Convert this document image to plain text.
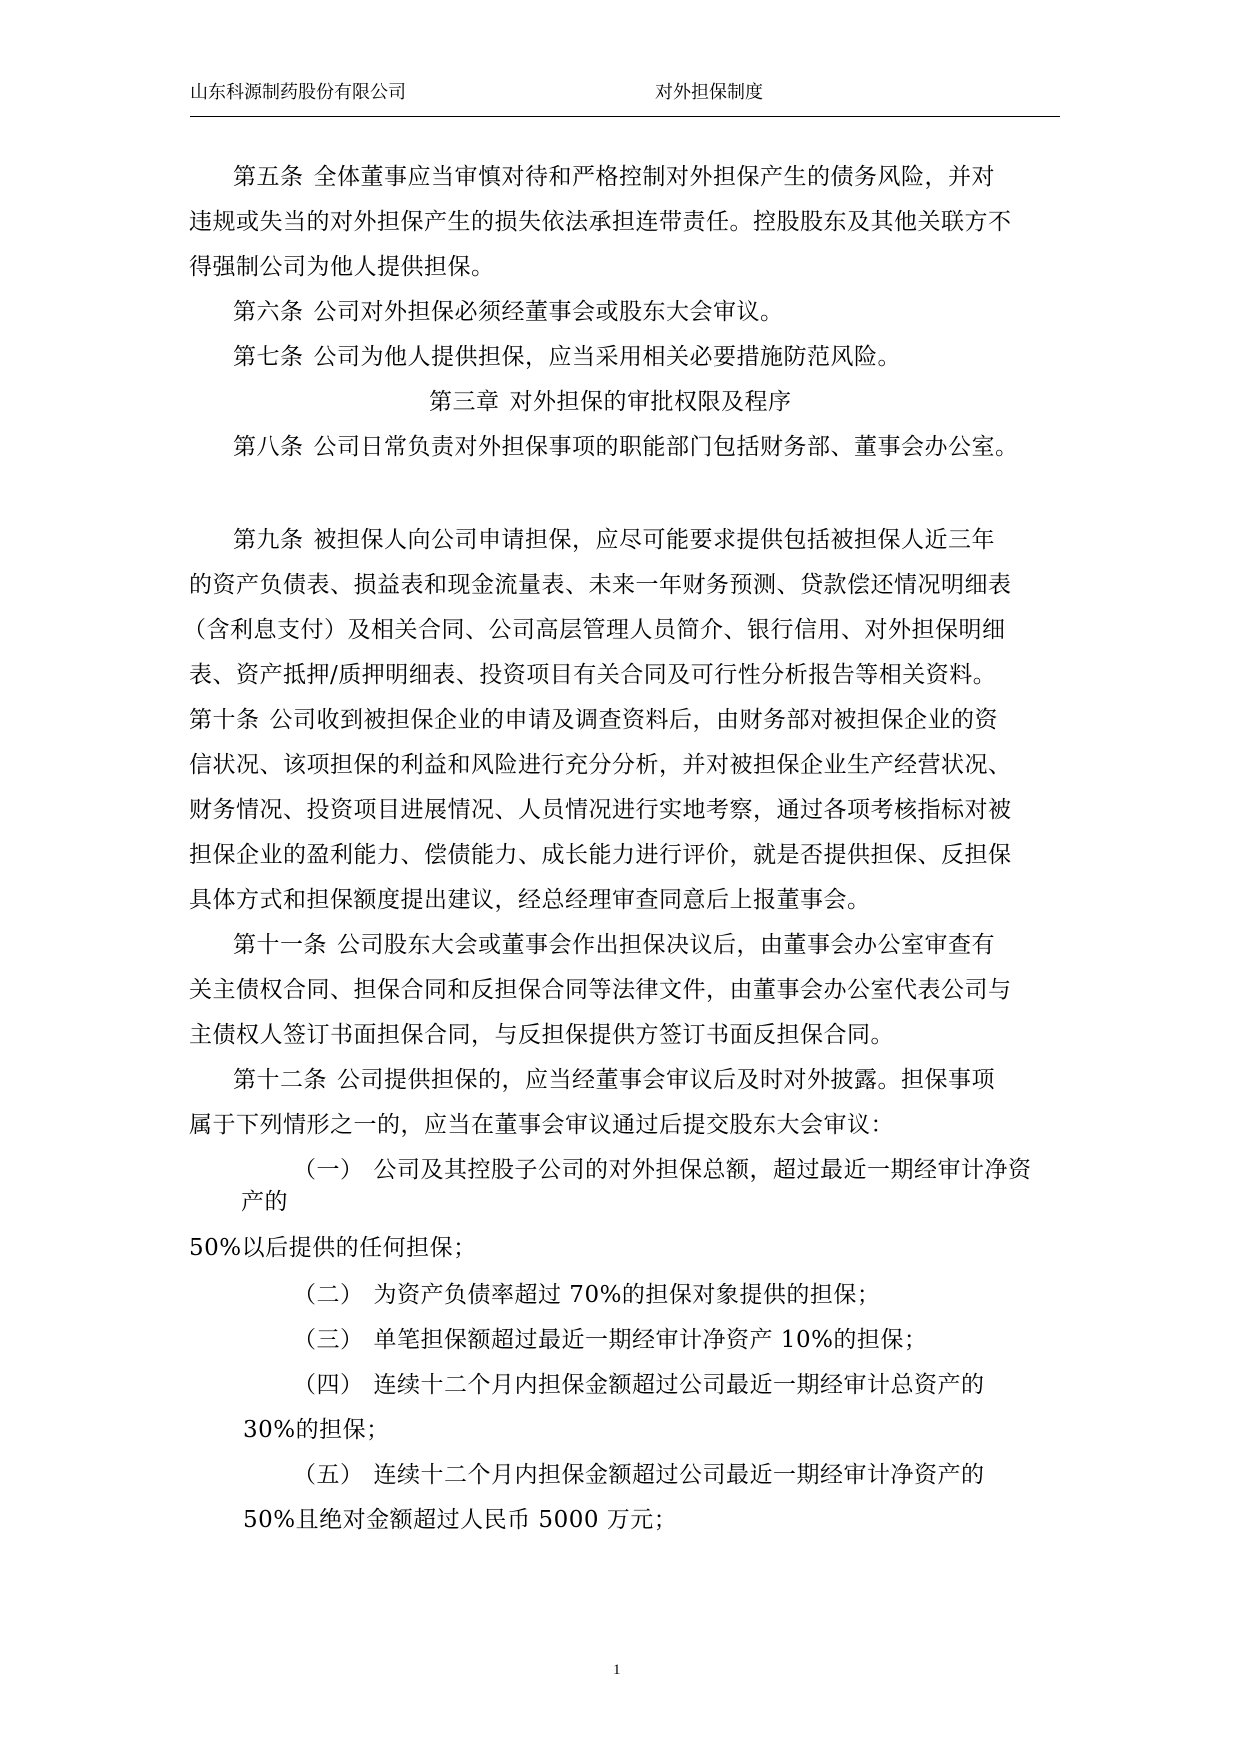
山东科源制药股份有限公司	对外担保制度
第五条 全体董事应当审慎对待和严格控制对外担保产生的债务风险，并对
违规或失当的对外担保产生的损失依法承担连带责任。控股股东及其他关联方不
得强制公司为他人提供担保。
第六条 公司对外担保必须经董事会或股东大会审议。
第七条 公司为他人提供担保，应当采用相关必要措施防范风险。
第三章 对外担保的审批权限及程序
第八条 公司日常负责对外担保事项的职能部门包括财务部、董事会办公室。
第九条 被担保人向公司申请担保，应尽可能要求提供包括被担保人近三年
的资产负债表、损益表和现金流量表、未来一年财务预测、贷款偿还情况明细表
（含利息支付）及相关合同、公司高层管理人员简介、银行信用、对外担保明细
表、资产抵押/质押明细表、投资项目有关合同及可行性分析报告等相关资料。
第十条 公司收到被担保企业的申请及调查资料后，由财务部对被担保企业的资
信状况、该项担保的利益和风险进行充分分析，并对被担保企业生产经营状况、
财务情况、投资项目进展情况、人员情况进行实地考察，通过各项考核指标对被
担保企业的盈利能力、偿债能力、成长能力进行评价，就是否提供担保、反担保
具体方式和担保额度提出建议，经总经理审查同意后上报董事会。
第十一条 公司股东大会或董事会作出担保决议后，由董事会办公室审查有
关主债权合同、担保合同和反担保合同等法律文件，由董事会办公室代表公司与
主债权人签订书面担保合同，与反担保提供方签订书面反担保合同。
第十二条 公司提供担保的，应当经董事会审议后及时对外披露。担保事项
属于下列情形之一的，应当在董事会审议通过后提交股东大会审议：
（一） 公司及其控股子公司的对外担保总额，超过最近一期经审计净资
产的
50%以后提供的任何担保；
（二） 为资产负债率超过 70%的担保对象提供的担保；
（三） 单笔担保额超过最近一期经审计净资产 10%的担保；
（四） 连续十二个月内担保金额超过公司最近一期经审计总资产的
30%的担保；
（五） 连续十二个月内担保金额超过公司最近一期经审计净资产的
50%且绝对金额超过人民币 5000 万元；
1
